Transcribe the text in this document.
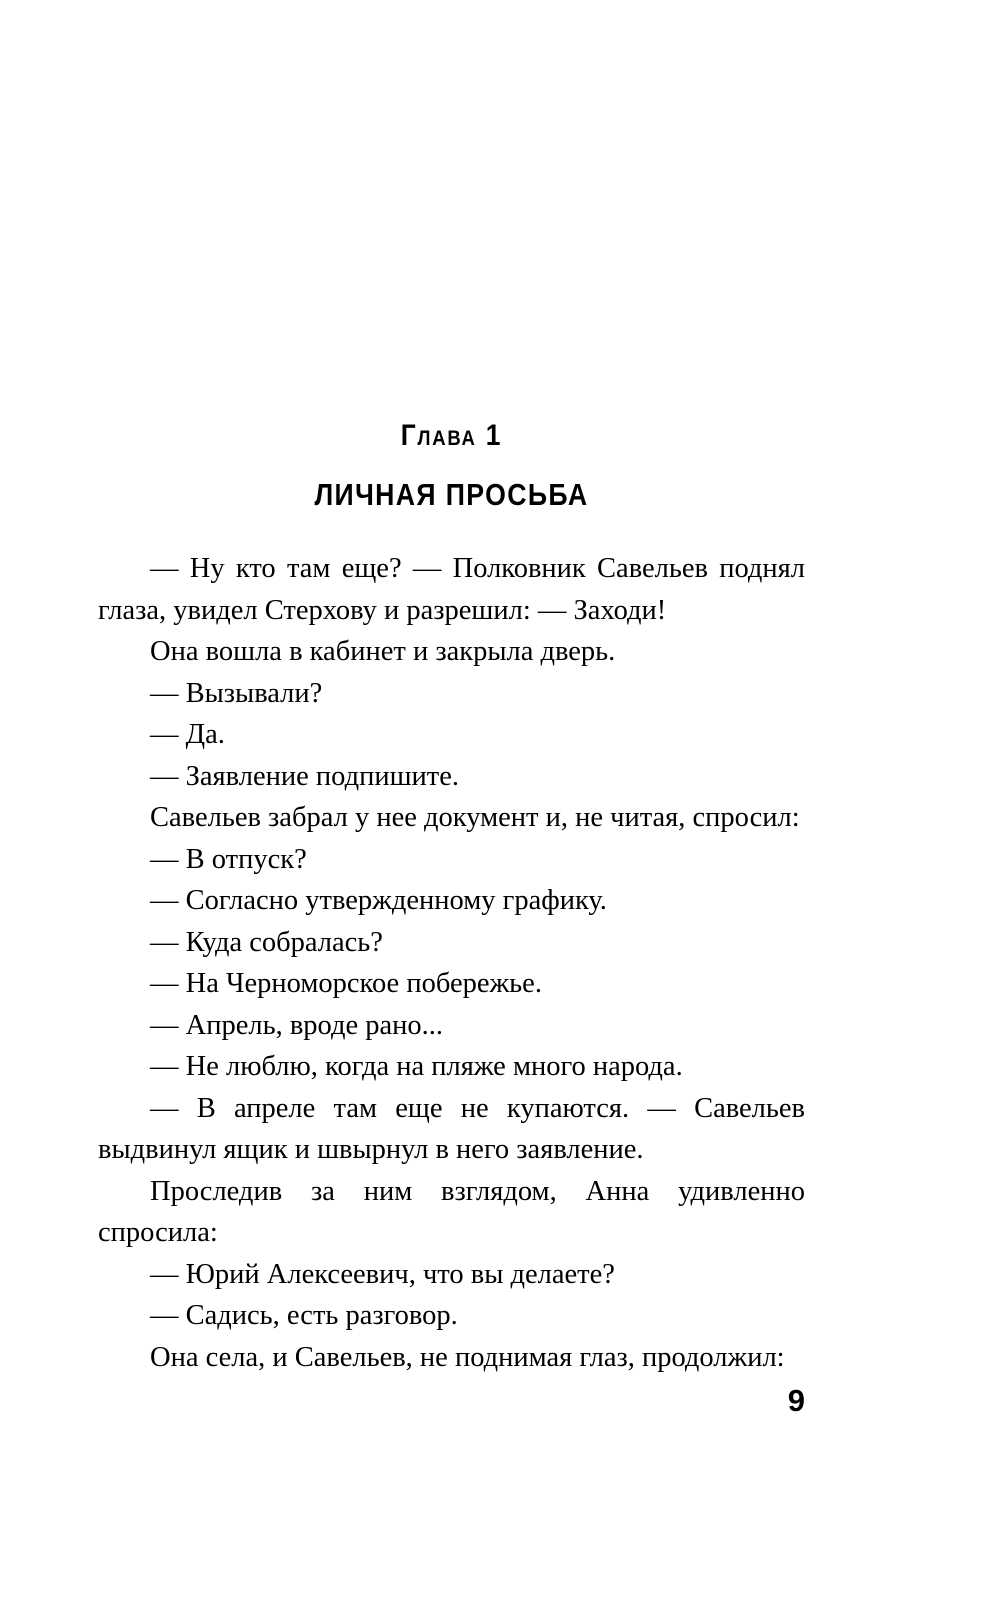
Глава 1
ЛИЧНАЯ ПРОСЬБА

— Ну кто там еще? — Полковник Савельев поднял глаза, увидел Стерхову и разрешил: — Заходи!

Она вошла в кабинет и закрыла дверь.

— Вызывали?

— Да.

— Заявление подпишите.

Савельев забрал у нее документ и, не читая, спросил:

— В отпуск?

— Согласно утвержденному графику.

— Куда собралась?

— На Черноморское побережье.

— Апрель, вроде рано...

— Не люблю, когда на пляже много народа.

— В апреле там еще не купаются. — Савельев выдвинул ящик и швырнул в него заявление.

Проследив за ним взглядом, Анна удивленно спросила:

— Юрий Алексеевич, что вы делаете?

— Садись, есть разговор.

Она села, и Савельев, не поднимая глаз, продолжил:

9
